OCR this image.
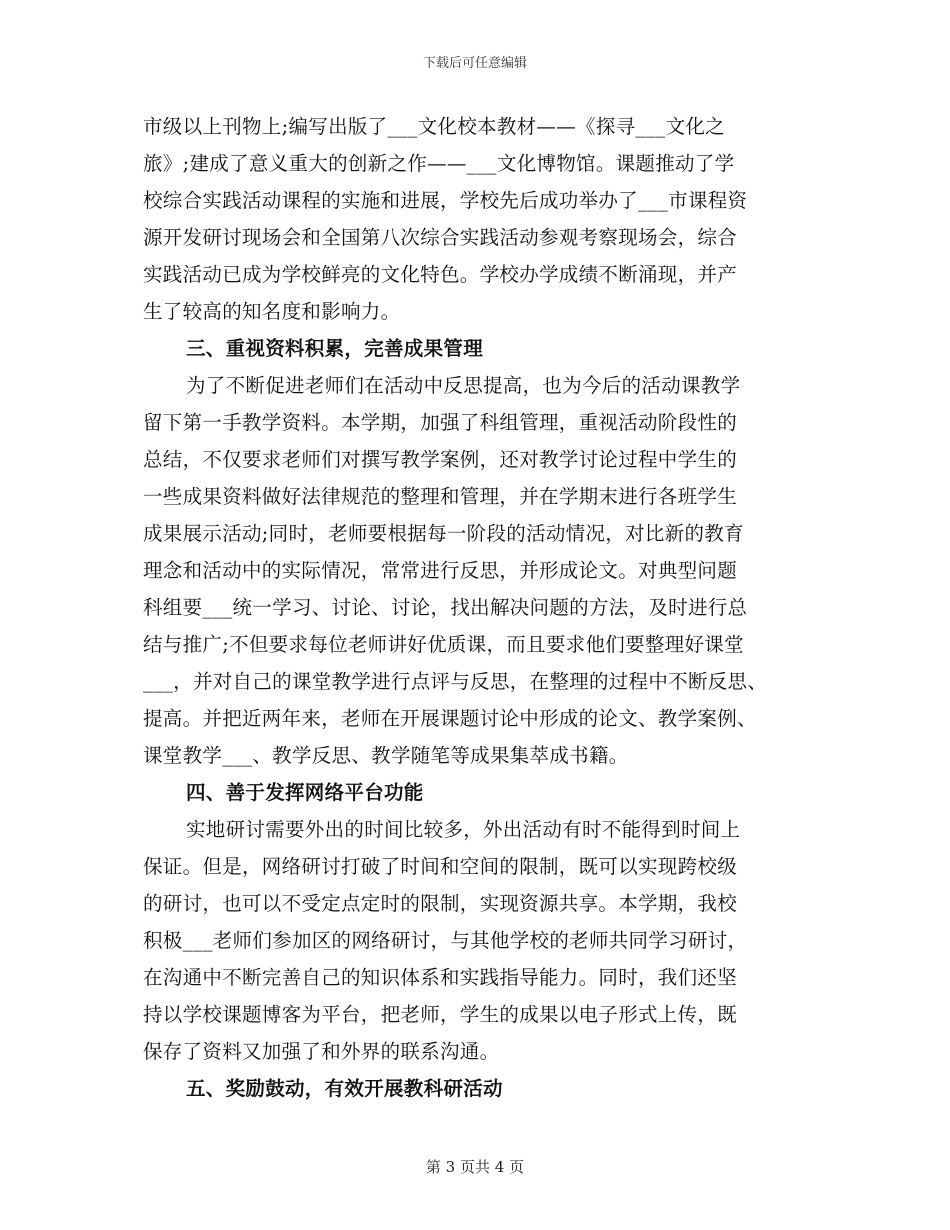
下载后可任意编辑
市级以上刊物上;编写出版了___文化校本教材——《探寻___文化之
旅》;建成了意义重大的创新之作——___文化博物馆。课题推动了学
校综合实践活动课程的实施和进展，学校先后成功举办了___市课程资
源开发研讨现场会和全国第八次综合实践活动参观考察现场会，综合
实践活动已成为学校鲜亮的文化特色。学校办学成绩不断涌现，并产
生了较高的知名度和影响力。
三、重视资料积累，完善成果管理
为了不断促进老师们在活动中反思提高，也为今后的活动课教学
留下第一手教学资料。本学期，加强了科组管理，重视活动阶段性的
总结，不仅要求老师们对撰写教学案例，还对教学讨论过程中学生的
一些成果资料做好法律规范的整理和管理，并在学期末进行各班学生
成果展示活动;同时，老师要根据每一阶段的活动情况，对比新的教育
理念和活动中的实际情况，常常进行反思，并形成论文。对典型问题
科组要___统一学习、讨论、讨论，找出解决问题的方法，及时进行总
结与推广;不但要求每位老师讲好优质课，而且要求他们要整理好课堂
___，并对自己的课堂教学进行点评与反思，在整理的过程中不断反思、
提高。并把近两年来，老师在开展课题讨论中形成的论文、教学案例、
课堂教学___、教学反思、教学随笔等成果集萃成书籍。
四、善于发挥网络平台功能
实地研讨需要外出的时间比较多，外出活动有时不能得到时间上
保证。但是，网络研讨打破了时间和空间的限制，既可以实现跨校级
的研讨，也可以不受定点定时的限制，实现资源共享。本学期，我校
积极___老师们参加区的网络研讨，与其他学校的老师共同学习研讨，
在沟通中不断完善自己的知识体系和实践指导能力。同时，我们还坚
持以学校课题博客为平台，把老师，学生的成果以电子形式上传，既
保存了资料又加强了和外界的联系沟通。
五、奖励鼓动，有效开展教科研活动
第 3 页共 4 页
